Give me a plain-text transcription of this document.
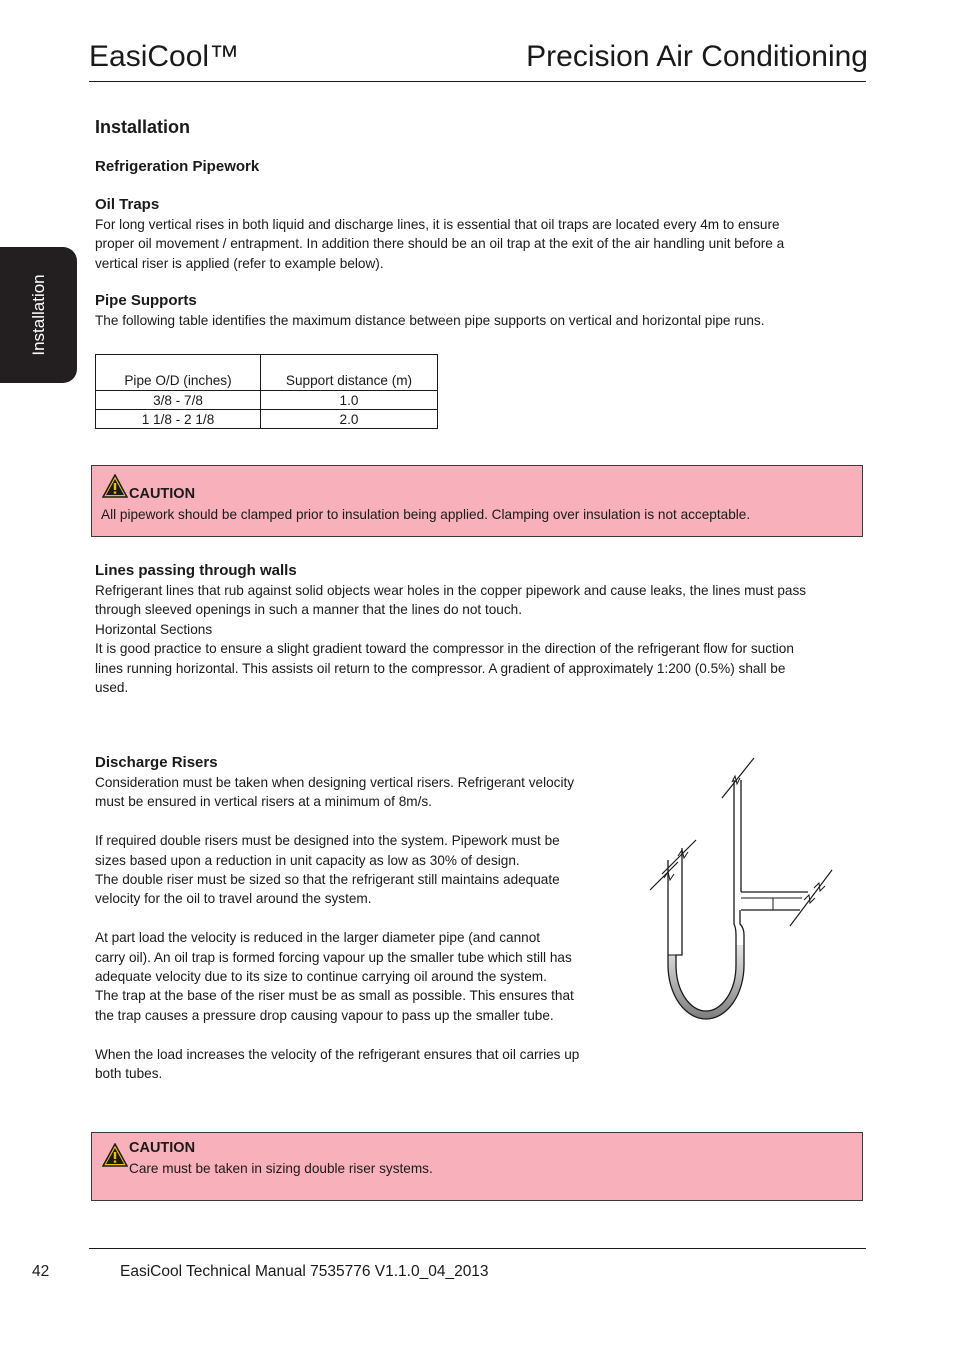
EasiCool™	Precision Air Conditioning
Installation
Installation
Refrigeration Pipework
Oil Traps
For long vertical rises in both liquid and discharge lines, it is essential that oil traps are located every 4m to ensure
proper oil movement / entrapment. In addition there should be an oil trap at the exit of the air handling unit before a
vertical riser is applied (refer to example below).
Pipe Supports
The following table identifies the maximum distance between pipe supports on vertical and horizontal pipe runs.
Pipe O/D (inches)	Support distance (m)
3/8 - 7/8	1.0
1 1/8 - 2 1/8	2.0
CAUTION
All pipework should be clamped prior to insulation being applied. Clamping over insulation is not acceptable.
Lines passing through walls
Refrigerant lines that rub against solid objects wear holes in the copper pipework and cause leaks, the lines must pass
through sleeved openings in such a manner that the lines do not touch.
Horizontal Sections
It is good practice to ensure a slight gradient toward the compressor in the direction of the refrigerant flow for suction
lines running horizontal. This assists oil return to the compressor. A gradient of approximately 1:200 (0.5%) shall be
used.
Discharge Risers
Consideration must be taken when designing vertical risers. Refrigerant velocity
must be ensured in vertical risers at a minimum of 8m/s.
If required double risers must be designed into the system. Pipework must be
sizes based upon a reduction in unit capacity as low as 30% of design.
The double riser must be sized so that the refrigerant still maintains adequate
velocity for the oil to travel around the system.
At part load the velocity is reduced in the larger diameter pipe (and cannot
carry oil). An oil trap is formed forcing vapour up the smaller tube which still has
adequate velocity due to its size to continue carrying oil around the system.
The trap at the base of the riser must be as small as possible. This ensures that
the trap causes a pressure drop causing vapour to pass up the smaller tube.
When the load increases the velocity of the refrigerant ensures that oil carries up
both tubes.
CAUTION
Care must be taken in sizing double riser systems.
42	EasiCool Technical Manual 7535776 V1.1.0_04_2013
